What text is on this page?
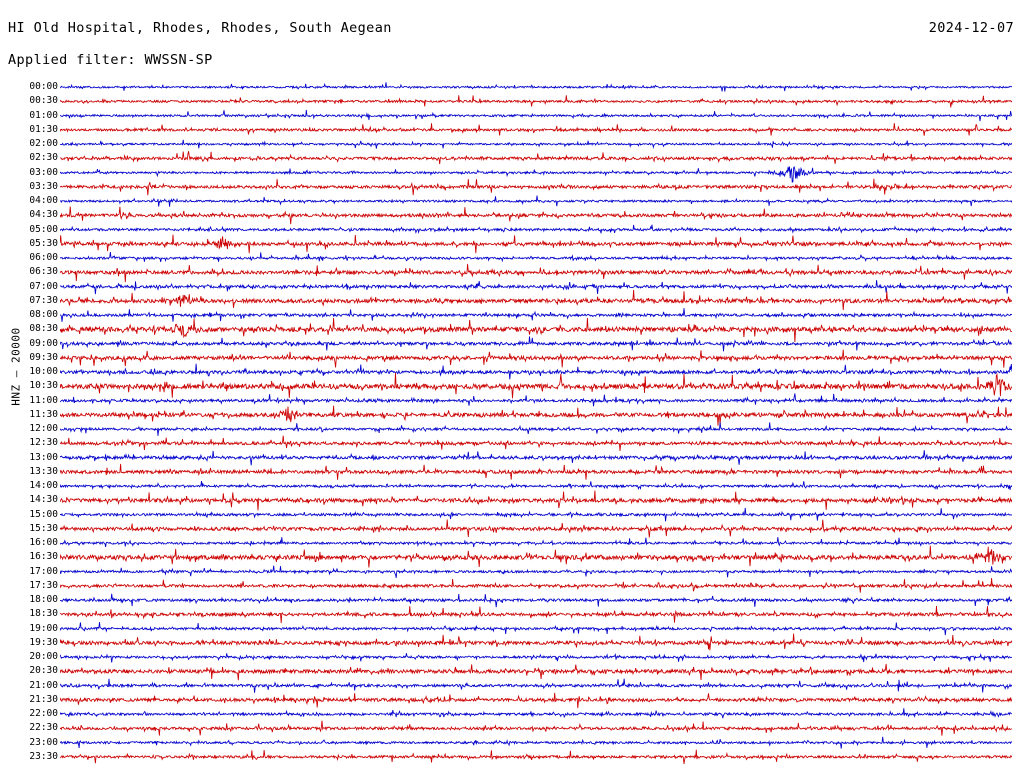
HI Old Hospital, Rhodes, Rhodes, South Aegean	2024-12-07
Applied filter: WWSSN-SP
HNZ — 20000
00:00
00:30
01:00
01:30
02:00
02:30
03:00
03:30
04:00
04:30
05:00
05:30
06:00
06:30
07:00
07:30
08:00
08:30
09:00
09:30
10:00
10:30
11:00
11:30
12:00
12:30
13:00
13:30
14:00
14:30
15:00
15:30
16:00
16:30
17:00
17:30
18:00
18:30
19:00
19:30
20:00
20:30
21:00
21:30
22:00
22:30
23:00
23:30
